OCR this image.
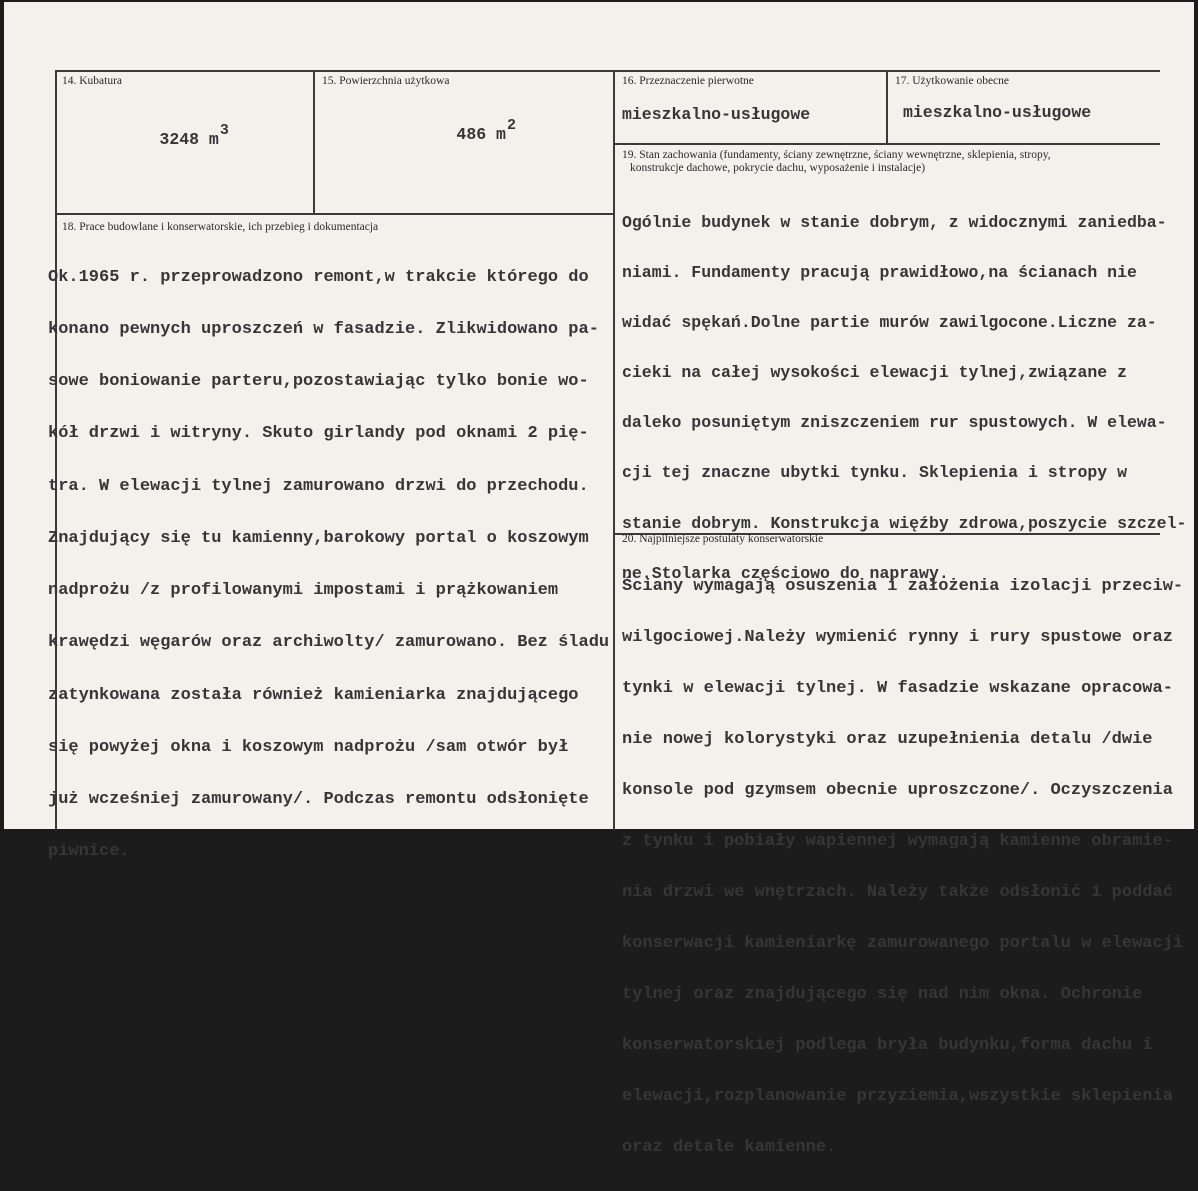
14. Kubatura

3248 m3

15. Powierzchnia użytkowa

486 m2

16. Przeznaczenie pierwotne
mieszkalno-usługowe
17. Użytkowanie obecne
mieszkalno-usługowe
19. Stan zachowania (fundamenty, ściany zewnętrzne, ściany wewnętrzne, sklepienia, stropy,
konstrukcje dachowe, pokrycie dachu, wyposażenie i instalacje)

Ogólnie budynek w stanie dobrym, z widocznymi zaniedba-

niami. Fundamenty pracują prawidłowo,na ścianach nie

widać spękań.Dolne partie murów zawilgocone.Liczne za-

cieki na całej wysokości elewacji tylnej,związane z

daleko posuniętym zniszczeniem rur spustowych. W elewa-

cji tej znaczne ubytki tynku. Sklepienia i stropy w

stanie dobrym. Konstrukcja więźby zdrowa,poszycie szczel-

ne.Stolarka częściowo do naprawy.

18. Prace budowlane i konserwatorskie, ich przebieg i dokumentacja

Ok.1965 r. przeprowadzono remont,w trakcie którego do

konano pewnych uproszczeń w fasadzie. Zlikwidowano pa-

sowe boniowanie parteru,pozostawiając tylko bonie wo-

kół drzwi i witryny. Skuto girlandy pod oknami 2 pię-

tra. W elewacji tylnej zamurowano drzwi do przechodu.

Znajdujący się tu kamienny,barokowy portal o koszowym

nadprożu /z profilowanymi impostami i prążkowaniem

krawędzi węgarów oraz archiwolty/ zamurowano. Bez śladu

zatynkowana została również kamieniarka znajdującego

się powyżej okna i koszowym nadprożu /sam otwór był

już wcześniej zamurowany/. Podczas remontu odsłonięte

piwnice.

20. Najpilniejsze postulaty konserwatorskie

Ściany wymagają osuszenia i założenia izolacji przeciw-

wilgociowej.Należy wymienić rynny i rury spustowe oraz

tynki w elewacji tylnej. W fasadzie wskazane opracowa-

nie nowej kolorystyki oraz uzupełnienia detalu /dwie

konsole pod gzymsem obecnie uproszczone/. Oczyszczenia

z tynku i pobiały wapiennej wymagają kamienne obramie-

nia drzwi we wnętrzach. Należy także odsłonić i poddać

konserwacji kamieniarkę zamurowanego portalu w elewacji

tylnej oraz znajdującego się nad nim okna. Ochronie

konserwatorskiej podlega bryła budynku,forma dachu i

elewacji,rozplanowanie przyziemia,wszystkie sklepienia

oraz detale kamienne.
